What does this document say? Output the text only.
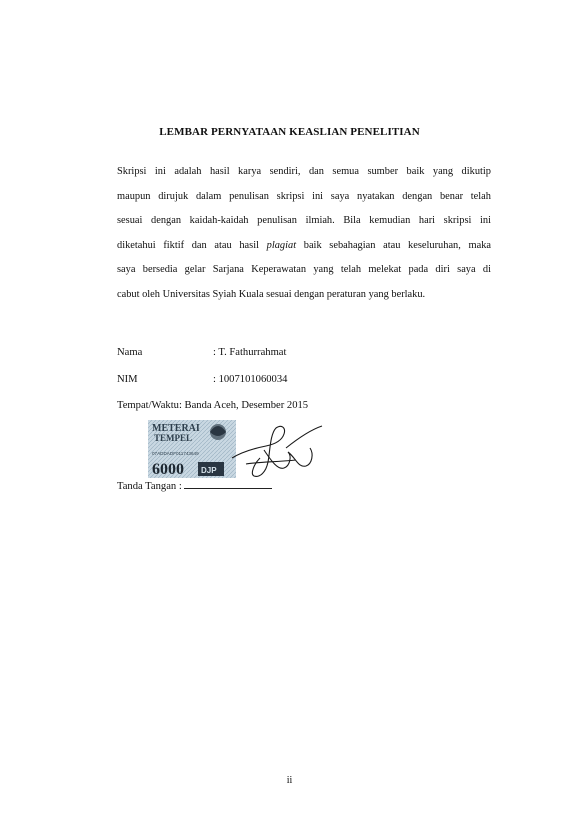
LEMBAR PERNYATAAN KEASLIAN PENELITIAN
Skripsi ini adalah hasil karya sendiri, dan semua sumber baik yang dikutip
maupun dirujuk dalam penulisan skripsi ini saya nyatakan dengan benar telah
sesuai dengan kaidah-kaidah penulisan ilmiah. Bila kemudian hari skripsi ini
diketahui fiktif dan atau hasil plagiat baik sebahagian atau keseluruhan, maka
saya bersedia gelar Sarjana Keperawatan yang telah melekat pada diri saya di
cabut oleh Universitas Syiah Kuala sesuai dengan peraturan yang berlaku.
Nama	: T. Fathurrahmat
NIM	: 1007101060034
Tempat/Waktu: Banda Aceh, Desember 2015
METERAI
TEMPEL
07ADDADF011743649
6000 DJP
Tanda Tangan :
ii
